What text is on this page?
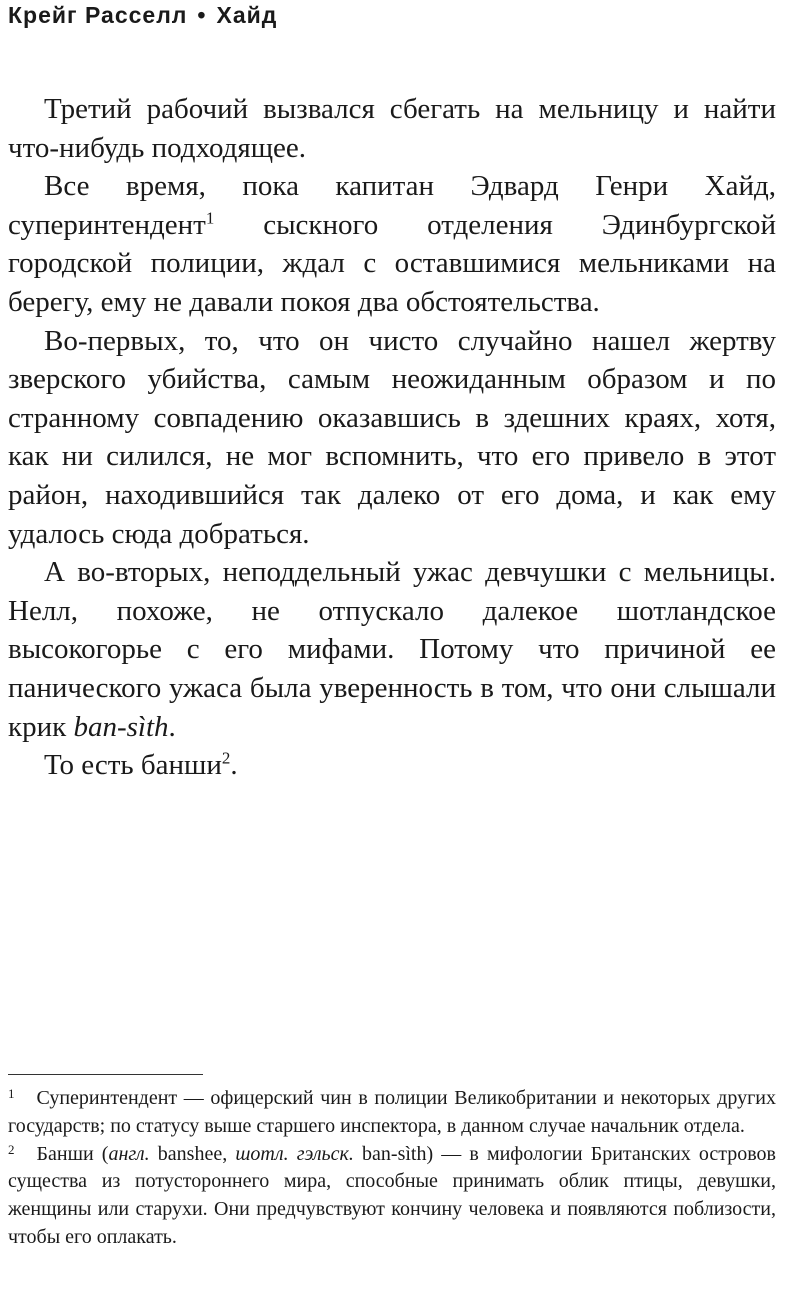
Крейг Расселл • Хайд

Третий рабочий вызвался сбегать на мельницу и найти что-нибудь подходящее.

Все время, пока капитан Эдвард Генри Хайд, суперинтендент$^1$ сыскного отделения Эдинбургской городской полиции, ждал с оставшимися мельниками на берегу, ему не давали покоя два обстоятельства.

Во-первых, то, что он чисто случайно нашел жертву зверского убийства, самым неожиданным образом и по странному совпадению оказавшись в здешних краях, хотя, как ни силился, не мог вспомнить, что его привело в этот район, находившийся так далеко от его дома, и как ему удалось сюда добраться.

А во-вторых, неподдельный ужас девчушки с мельницы. Нелл, похоже, не отпускало далекое шотландское высокогорье с его мифами. Потому что причиной ее панического ужаса была уверенность в том, что они слышали крик ban-sìth.

То есть банши$^2$.

$^1$ Суперинтендент — офицерский чин в полиции Великобритании и некоторых других государств; по статусу выше старшего инспектора, в данном случае начальник отдела.

$^2$ Банши (англ. banshee, шотл. гэльск. ban-sìth) — в мифологии Британских островов существа из потустороннего мира, способные принимать облик птицы, девушки, женщины или старухи. Они предчувствуют кончину человека и появляются поблизости, чтобы его оплакать.
